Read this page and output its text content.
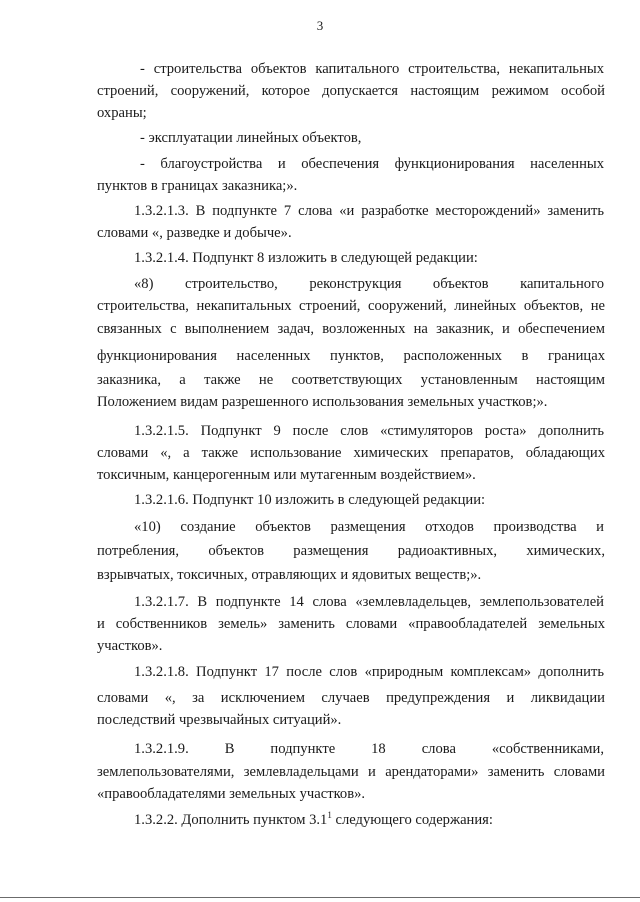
3
- строительства объектов капитального строительства, некапитальных
строений, сооружений, которое допускается настоящим режимом особой
охраны;
- эксплуатации линейных объектов,
- благоустройства и обеспечения функционирования населенных
пунктов в границах заказника;».
1.3.2.1.3. В подпункте 7 слова «и разработке месторождений» заменить
словами «, разведке и добыче».
1.3.2.1.4. Подпункт 8 изложить в следующей редакции:
«8) строительство, реконструкция объектов капитального
строительства, некапитальных строений, сооружений, линейных объектов, не
связанных с выполнением задач, возложенных на заказник, и обеспечением
функционирования населенных пунктов, расположенных в границах
заказника, а также не соответствующих установленным настоящим
Положением видам разрешенного использования земельных участков;».
1.3.2.1.5. Подпункт 9 после слов «стимуляторов роста» дополнить
словами «, а также использование химических препаратов, обладающих
токсичным, канцерогенным или мутагенным воздействием».
1.3.2.1.6. Подпункт 10 изложить в следующей редакции:
«10) создание объектов размещения отходов производства и
потребления, объектов размещения радиоактивных, химических,
взрывчатых, токсичных, отравляющих и ядовитых веществ;».
1.3.2.1.7. В подпункте 14 слова «землевладельцев, землепользователей
и собственников земель» заменить словами «правообладателей земельных
участков».
1.3.2.1.8. Подпункт 17 после слов «природным комплексам» дополнить
словами «, за исключением случаев предупреждения и ликвидации
последствий чрезвычайных ситуаций».
1.3.2.1.9. В подпункте 18 слова «собственниками,
землепользователями, землевладельцами и арендаторами» заменить словами
«правообладателями земельных участков».
1.3.2.2. Дополнить пунктом $3.1^1$ следующего содержания:
